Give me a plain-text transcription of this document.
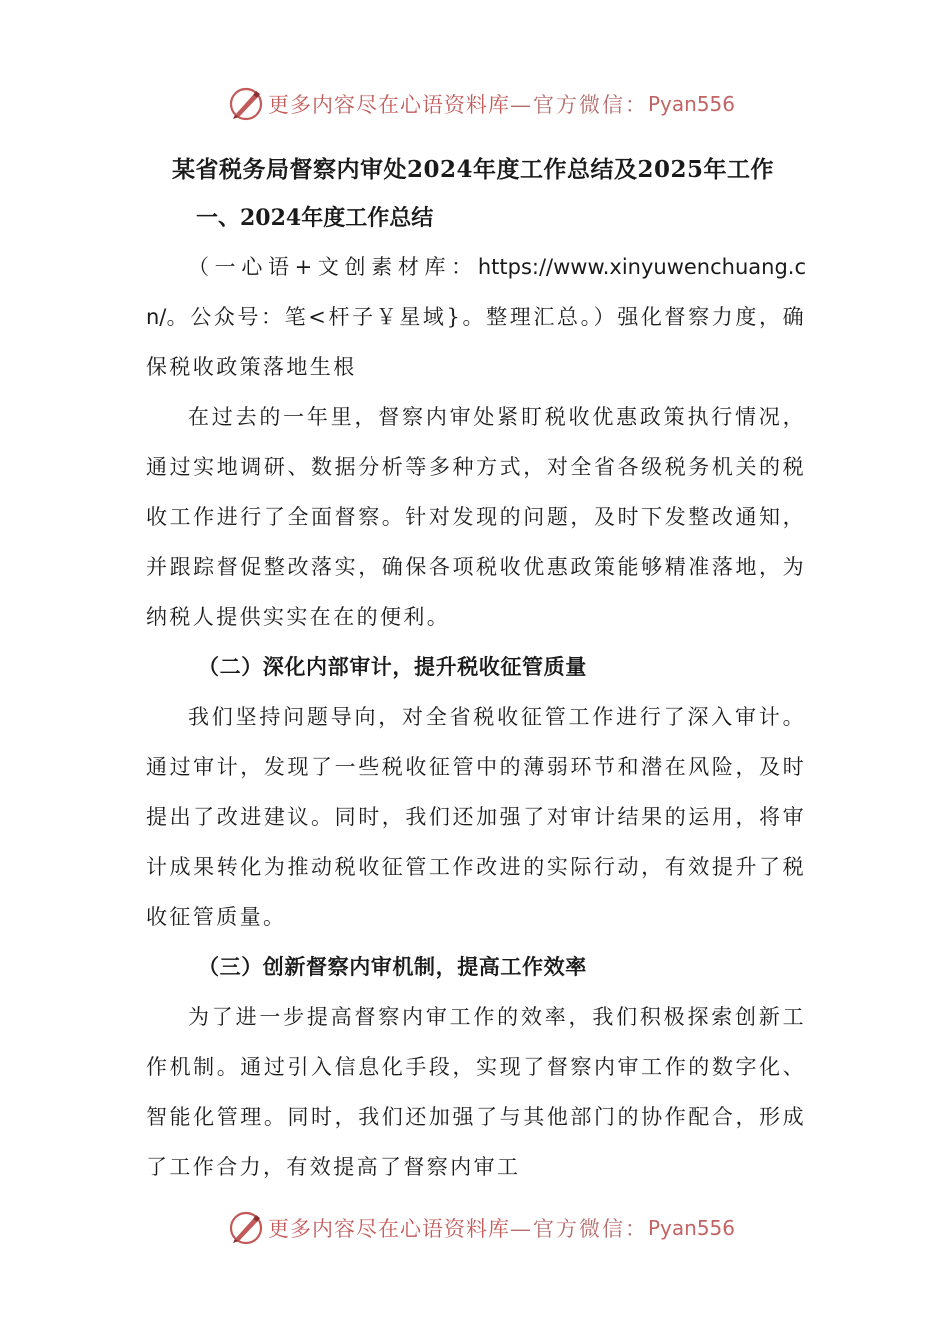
更多内容尽在心语资料库 —官方微信： Pyan556
某省税务局督察内审处2024年度工作总结及2025年工作
一、2024年度工作总结

（一心语+文创素材库：https://www.xinyuwenchuang.cn/。公众号：笔<杆子￥星域}。整理汇总。）强化督察力度，确保税收政策落地生根

在过去的一年里，督察内审处紧盯税收优惠政策执行情况，通过实地调研、数据分析等多种方式，对全省各级税务机关的税收工作进行了全面督察。针对发现的问题，及时下发整改通知，并跟踪督促整改落实，确保各项税收优惠政策能够精准落地，为纳税人提供实实在在的便利。

（二）深化内部审计，提升税收征管质量

我们坚持问题导向，对全省税收征管工作进行了深入审计。通过审计，发现了一些税收征管中的薄弱环节和潜在风险，及时提出了改进建议。同时，我们还加强了对审计结果的运用，将审计成果转化为推动税收征管工作改进的实际行动，有效提升了税收征管质量。

（三）创新督察内审机制，提高工作效率

为了进一步提高督察内审工作的效率，我们积极探索创新工作机制。通过引入信息化手段，实现了督察内审工作的数字化、智能化管理。同时，我们还加强了与其他部门的协作配合，形成了工作合力，有效提高了督察内审工

更多内容尽在心语资料库 —官方微信： Pyan556
